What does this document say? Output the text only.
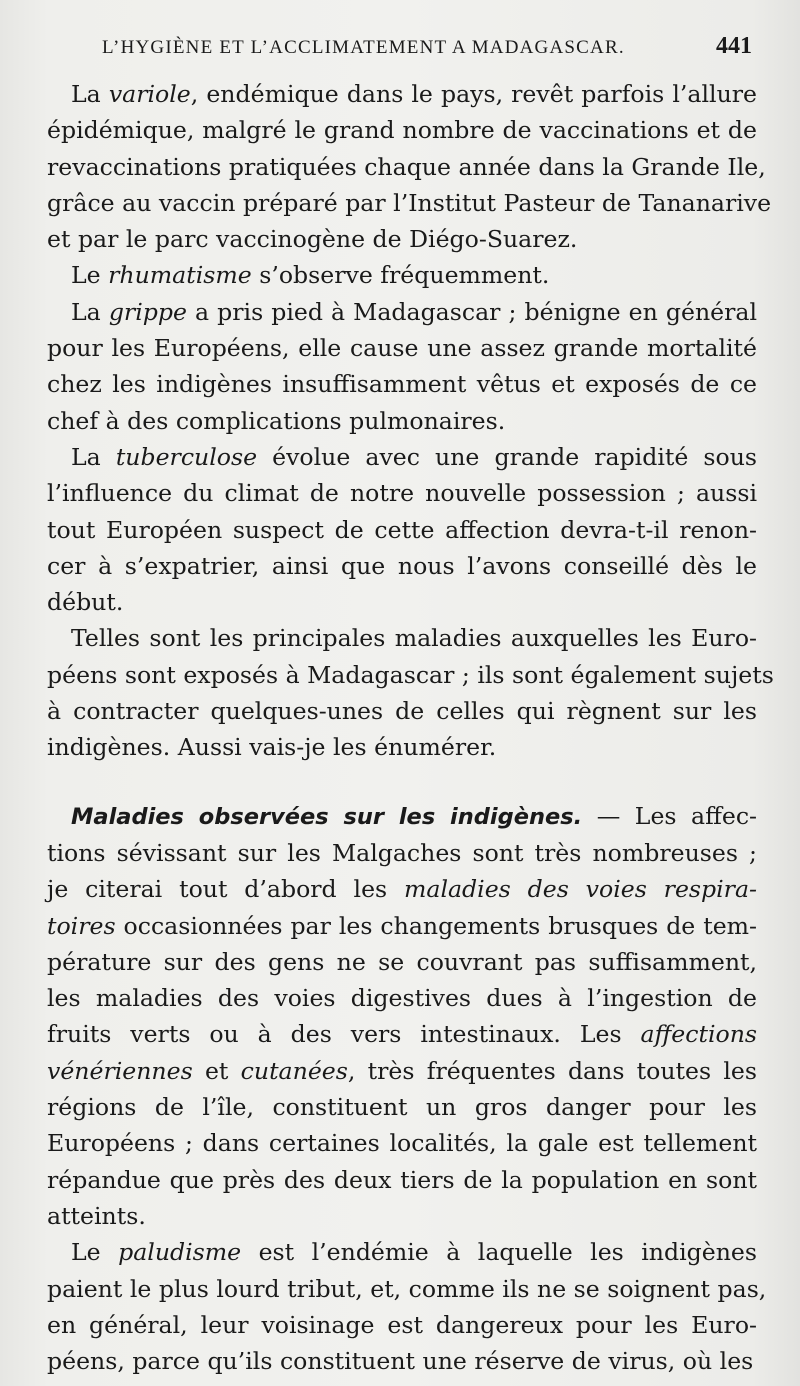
L’HYGIÈNE ET L’ACCLIMATEMENT A MADAGASCAR.	441

La variole, endémique dans le pays, revêt parfois l’allure
épidémique, malgré le grand nombre de vaccinations et de
revaccinations pratiquées chaque année dans la Grande Ile,
grâce au vaccin préparé par l’Institut Pasteur de Tananarive
et par le parc vaccinogène de Diégo-Suarez.

Le rhumatisme s’observe fréquemment.

La grippe a pris pied à Madagascar ; bénigne en général
pour les Européens, elle cause une assez grande mortalité
chez les indigènes insuffisamment vêtus et exposés de ce
chef à des complications pulmonaires.

La tuberculose évolue avec une grande rapidité sous
l’influence du climat de notre nouvelle possession ; aussi
tout Européen suspect de cette affection devra-t-il renon-
cer à s’expatrier, ainsi que nous l’avons conseillé dès le
début.

Telles sont les principales maladies auxquelles les Euro-
péens sont exposés à Madagascar ; ils sont également sujets
à contracter quelques-unes de celles qui règnent sur les
indigènes. Aussi vais-je les énumérer.

Maladies observées sur les indigènes. — Les affec-
tions sévissant sur les Malgaches sont très nombreuses ;
je citerai tout d’abord les maladies des voies respira-
toires occasionnées par les changements brusques de tem-
pérature sur des gens ne se couvrant pas suffisamment,
les maladies des voies digestives dues à l’ingestion de
fruits verts ou à des vers intestinaux. Les affections
vénériennes et cutanées, très fréquentes dans toutes les
régions de l’île, constituent un gros danger pour les
Européens ; dans certaines localités, la gale est tellement
répandue que près des deux tiers de la population en sont
atteints.

Le paludisme est l’endémie à laquelle les indigènes
paient le plus lourd tribut, et, comme ils ne se soignent pas,
en général, leur voisinage est dangereux pour les Euro-
péens, parce qu’ils constituent une réserve de virus, où les
